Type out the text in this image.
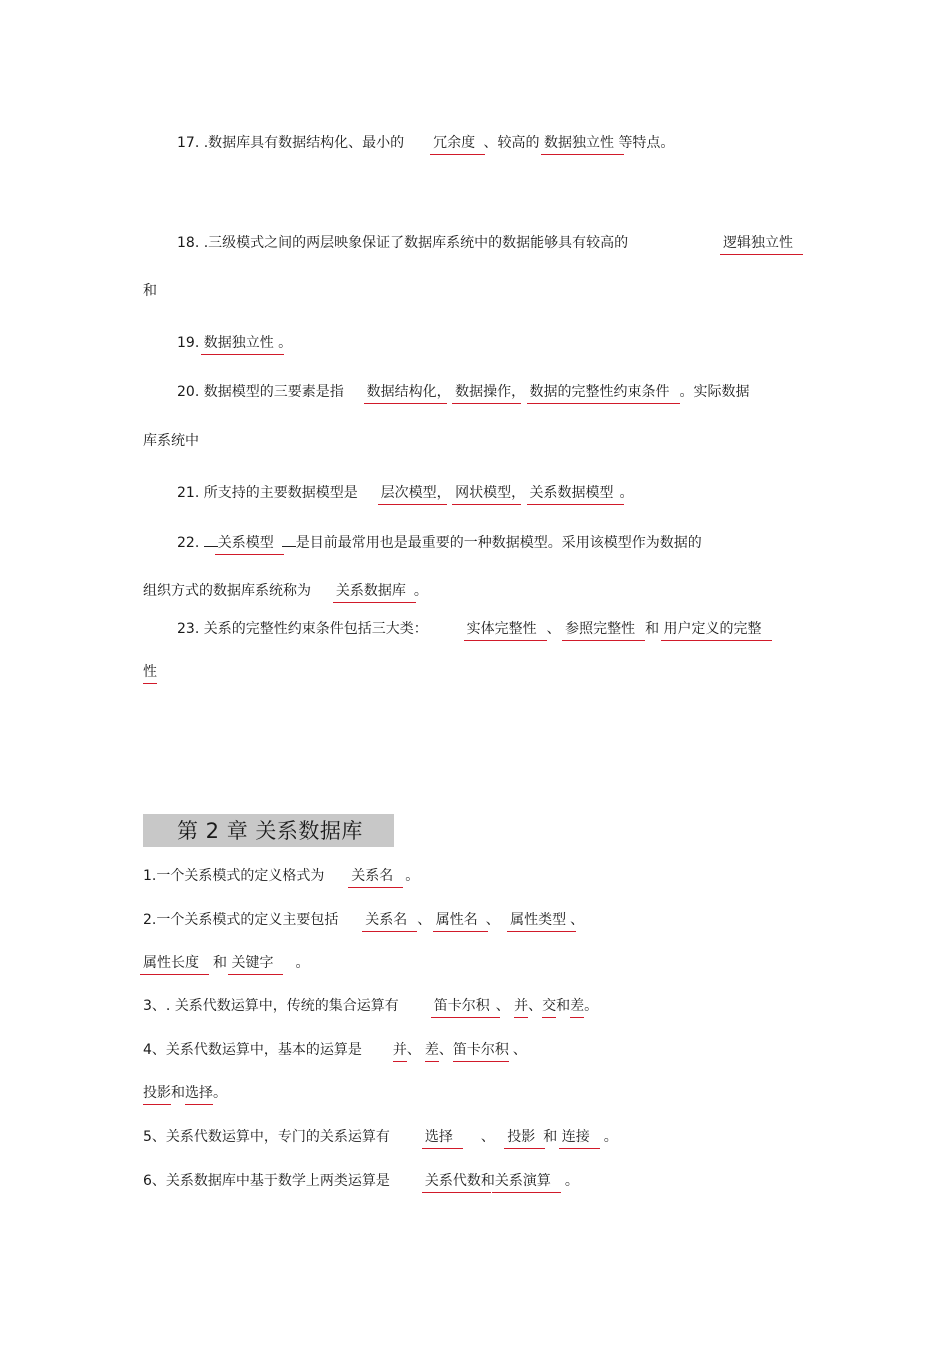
17. .数据库具有数据结构化、最小的 冗余度 、较高的 数据独立性 等特点。
18. .三级模式之间的两层映象保证了数据库系统中的数据能够具有较高的	逻辑独立性
和
19. 数据独立性 。
20. 数据模型的三要素是指 数据结构化， 数据操作， 数据的完整性约束条件 。实际数据
库系统中
21. 所支持的主要数据模型是 层次模型， 网状模型， 关系数据模型 。
22. 关系模型 是目前最常用也是最重要的一种数据模型。采用该模型作为数据的
组织方式的数据库系统称为 关系数据库 。
23. 关系的完整性约束条件包括三大类：	实体完整性 、 参照完整性 和 用户定义的完整
性
第 2 章 关系数据库
1.一个关系模式的定义格式为 关系名 。
2.一个关系模式的定义主要包括 关系名 、 属性名 、 属性类型 、
属性长度 和 关键字 。
3、. 关系代数运算中，传统的集合运算有 笛卡尔积 、 并、交和差。
4、关系代数运算中，基本的运算是 并、 差、笛卡尔积 、
投影和选择。
5、关系代数运算中，专门的关系运算有 选择 、 投影 和 连接 。
6、关系数据库中基于数学上两类运算是 关系代数和关系演算 。
